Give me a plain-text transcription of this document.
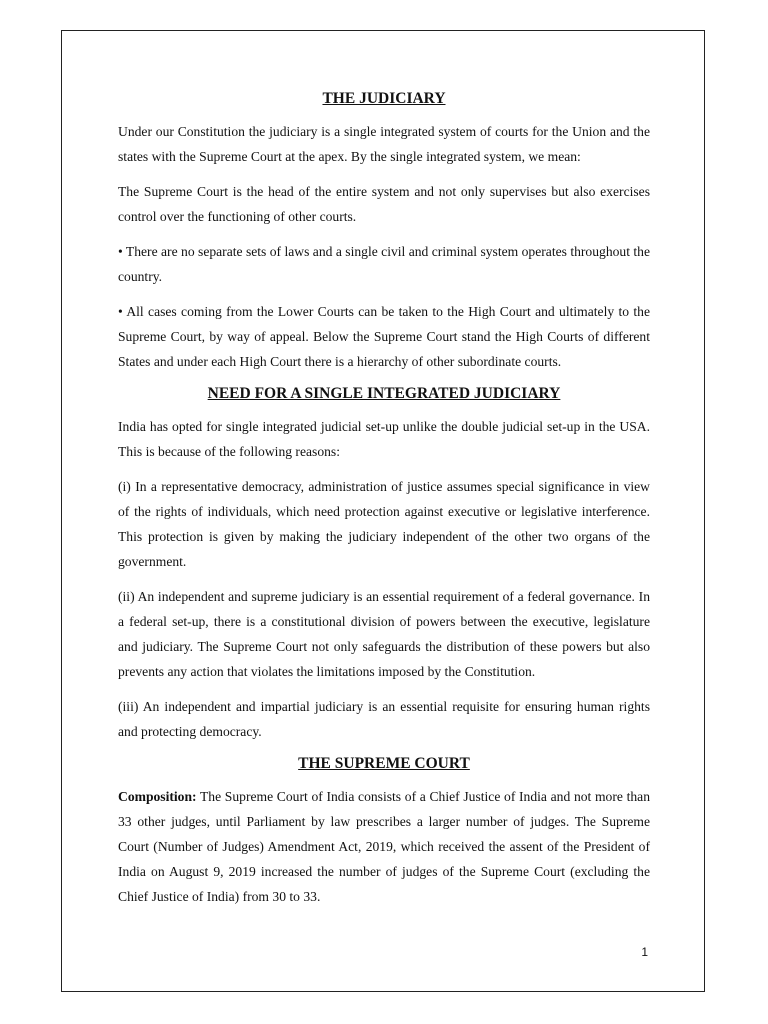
THE JUDICIARY

Under our Constitution the judiciary is a single integrated system of courts for the Union and the states with the Supreme Court at the apex. By the single integrated system, we mean:

The Supreme Court is the head of the entire system and not only supervises but also exercises control over the functioning of other courts.

• There are no separate sets of laws and a single civil and criminal system operates throughout the country.

• All cases coming from the Lower Courts can be taken to the High Court and ultimately to the Supreme Court, by way of appeal. Below the Supreme Court stand the High Courts of different States and under each High Court there is a hierarchy of other subordinate courts.

NEED FOR A SINGLE INTEGRATED JUDICIARY

India has opted for single integrated judicial set-up unlike the double judicial set-up in the USA. This is because of the following reasons:

(i) In a representative democracy, administration of justice assumes special significance in view of the rights of individuals, which need protection against executive or legislative interference. This protection is given by making the judiciary independent of the other two organs of the government.

(ii) An independent and supreme judiciary is an essential requirement of a federal governance. In a federal set-up, there is a constitutional division of powers between the executive, legislature and judiciary. The Supreme Court not only safeguards the distribution of these powers but also prevents any action that violates the limitations imposed by the Constitution.

(iii) An independent and impartial judiciary is an essential requisite for ensuring human rights and protecting democracy.

THE SUPREME COURT

Composition: The Supreme Court of India consists of a Chief Justice of India and not more than 33 other judges, until Parliament by law prescribes a larger number of judges. The Supreme Court (Number of Judges) Amendment Act, 2019, which received the assent of the President of India on August 9, 2019 increased the number of judges of the Supreme Court (excluding the Chief Justice of India) from 30 to 33.

1
